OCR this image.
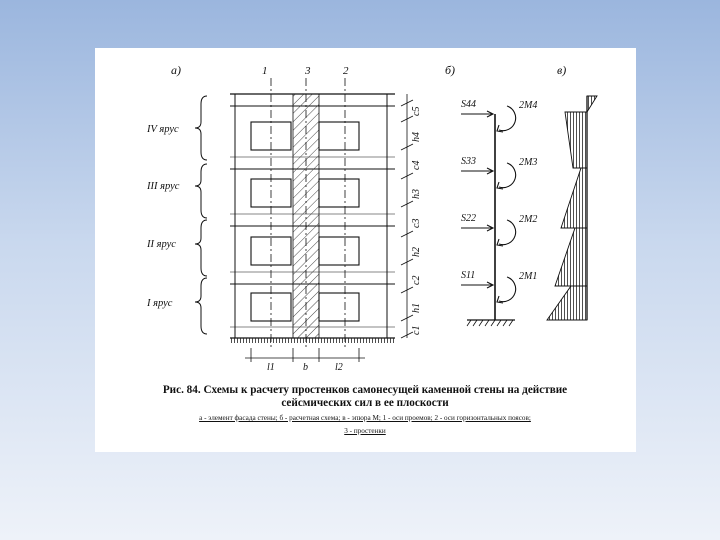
а)	б)	в)
1	3	2
c5
h4
c4
h3
c3
h2
c2
h1
c1
l1	b	l2
IV ярус
III ярус
II ярус
I ярус
S44
S33
S22
S11
2M4
2M3
2M2
2M1
Рис. 84. Схемы к расчету простенков самонесущей каменной стены на действие
сейсмических сил в ее плоскости
а - элемент фасада стены; б - расчетная схема; в - эпюра М; 1 - оси проемов; 2 - оси горизонтальных поясов;
3 - простенки
